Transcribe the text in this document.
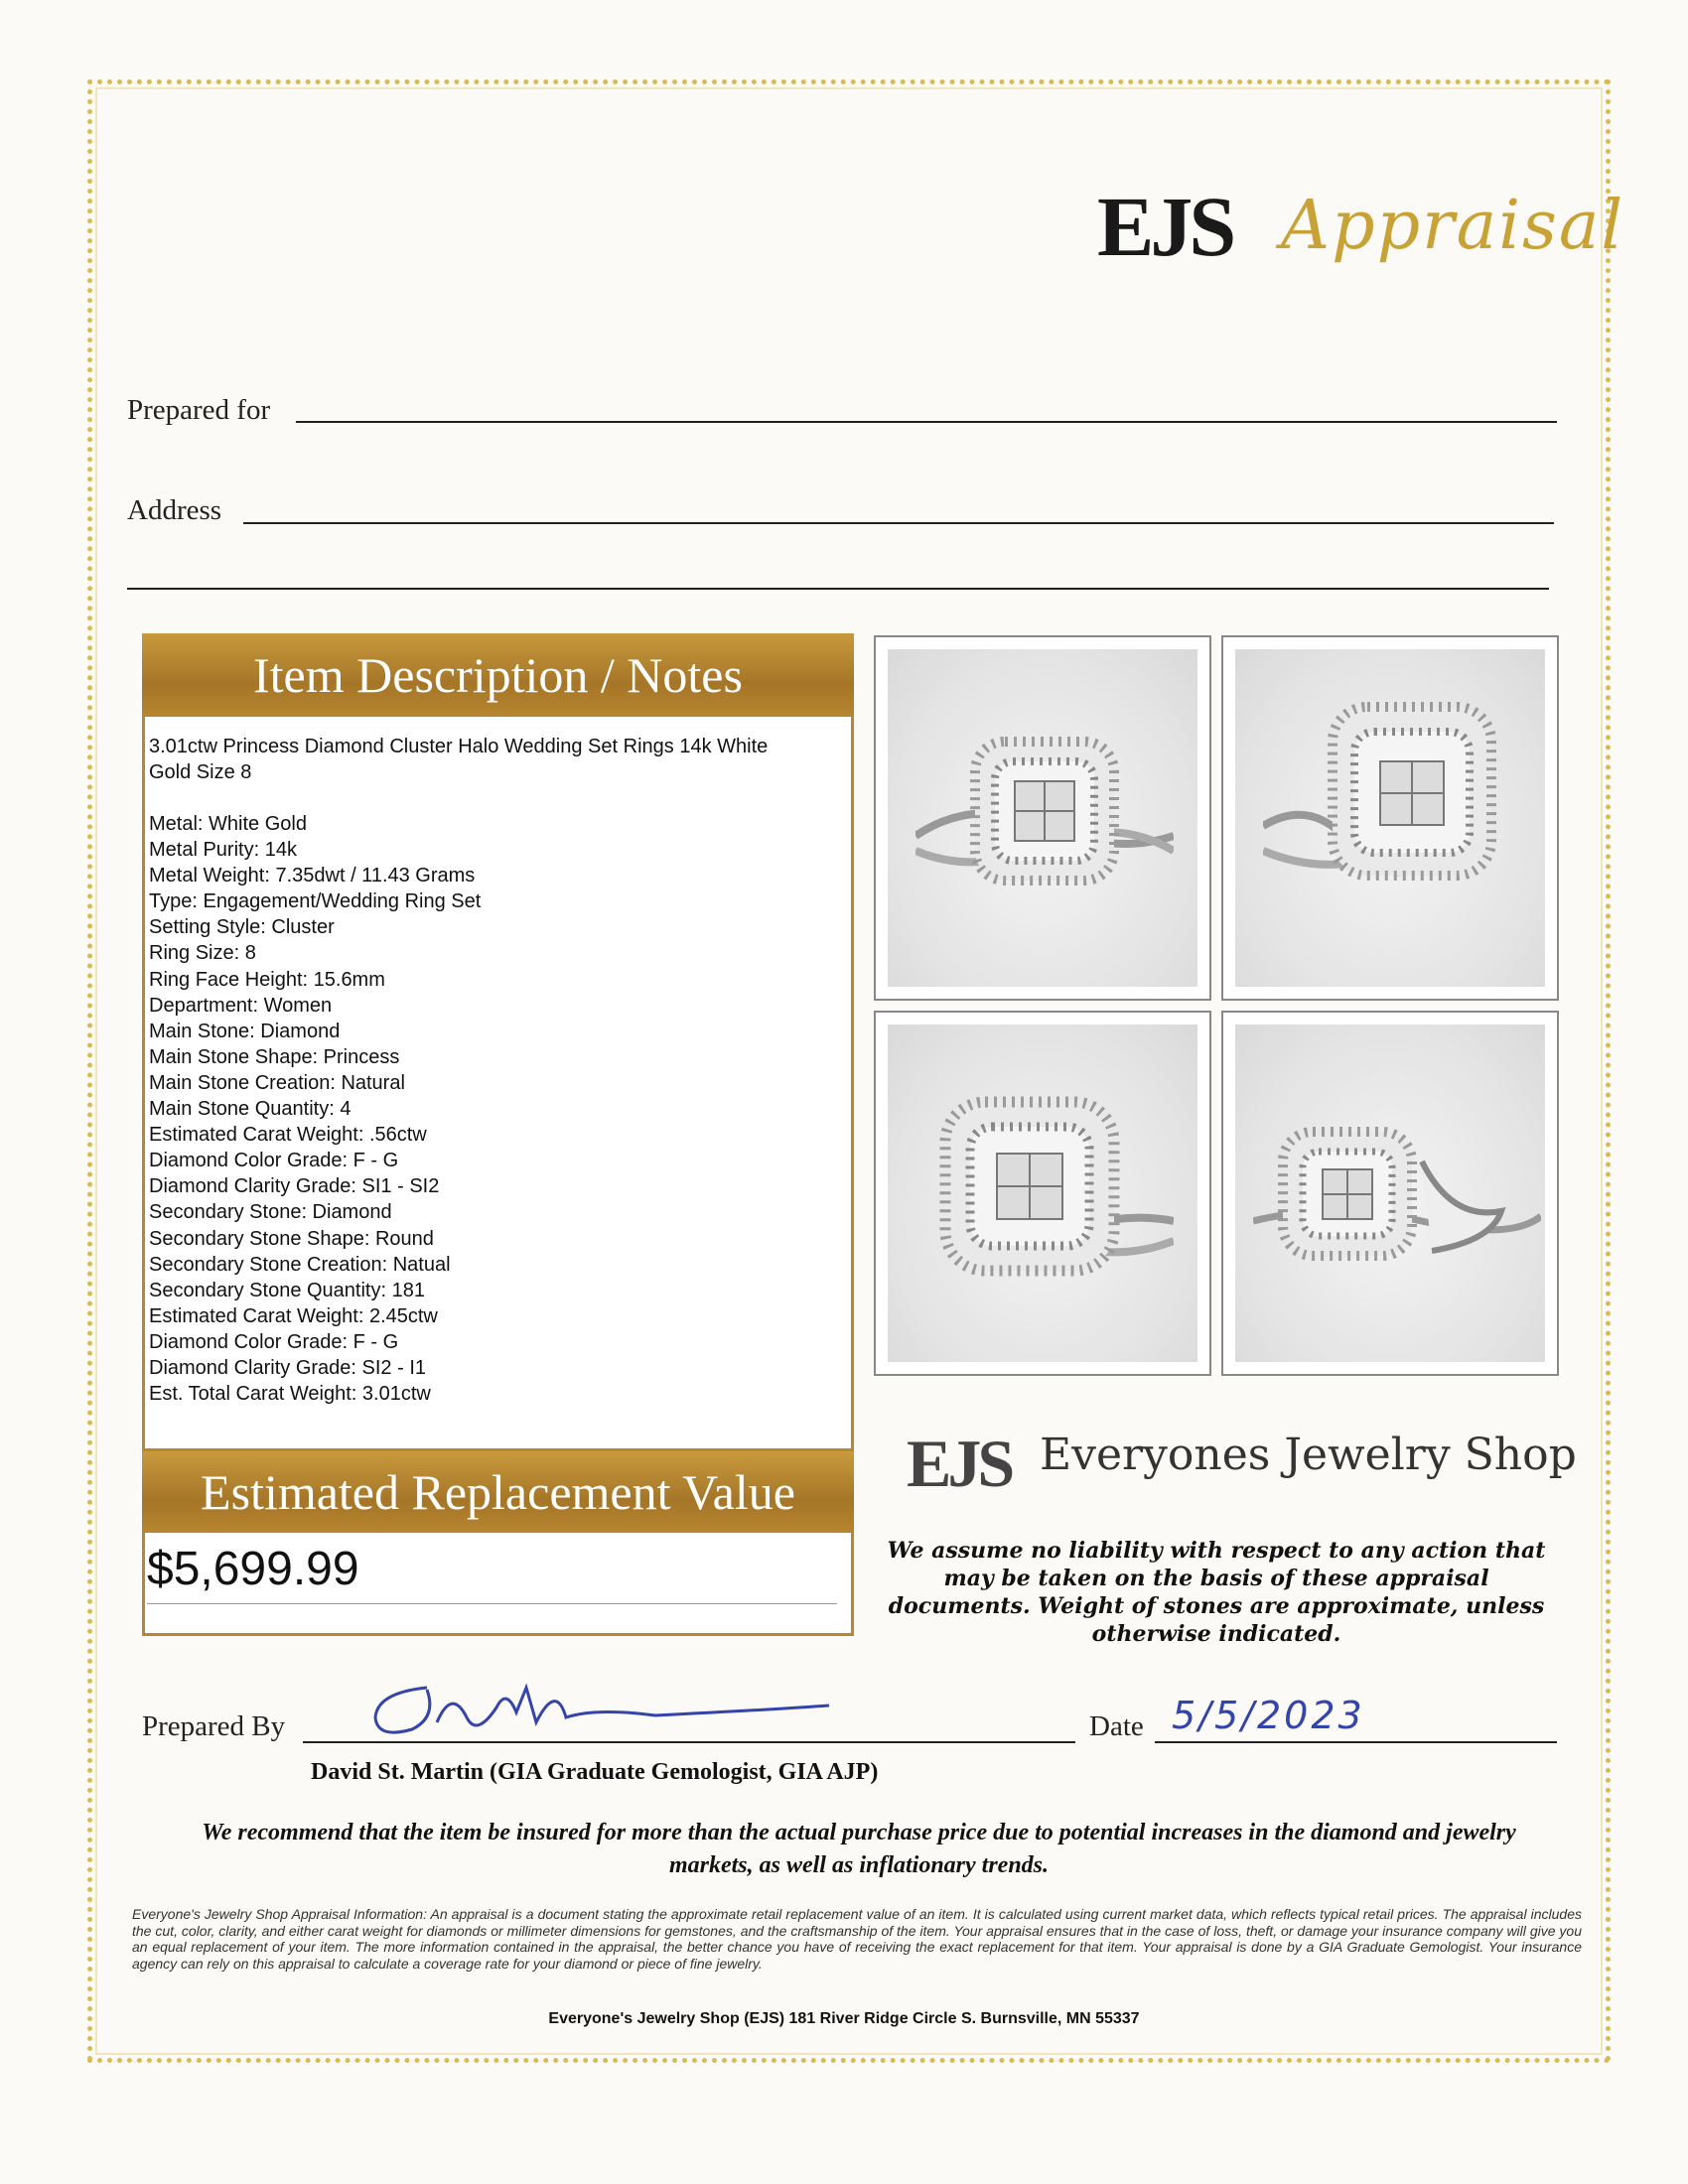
EJS Appraisal
Prepared for
Address
Item Description / Notes
3.01ctw Princess Diamond Cluster Halo Wedding Set Rings 14k White Gold Size 8
Metal: White Gold
Metal Purity: 14k
Metal Weight: 7.35dwt / 11.43 Grams
Type: Engagement/Wedding Ring Set
Setting Style: Cluster
Ring Size: 8
Ring Face Height: 15.6mm
Department: Women
Main Stone: Diamond
Main Stone Shape: Princess
Main Stone Creation: Natural
Main Stone Quantity: 4
Estimated Carat Weight: .56ctw
Diamond Color Grade: F - G
Diamond Clarity Grade: SI1 - SI2
Secondary Stone: Diamond
Secondary Stone Shape: Round
Secondary Stone Creation: Natual
Secondary Stone Quantity: 181
Estimated Carat Weight: 2.45ctw
Diamond Color Grade: F - G
Diamond Clarity Grade: SI2 - I1
Est. Total Carat Weight: 3.01ctw
Estimated Replacement Value
$5,699.99
EJS Everyones Jewelry Shop
We assume no liability with respect to any action that may be taken on the basis of these appraisal documents. Weight of stones are approximate, unless otherwise indicated.
Prepared By	Date 5/5/2023
David St. Martin (GIA Graduate Gemologist, GIA AJP)
We recommend that the item be insured for more than the actual purchase price due to potential increases in the diamond and jewelry markets, as well as inflationary trends.
Everyone's Jewelry Shop Appraisal Information: An appraisal is a document stating the approximate retail replacement value of an item. It is calculated using current market data, which reflects typical retail prices. The appraisal includes the cut, color, clarity, and either carat weight for diamonds or millimeter dimensions for gemstones, and the craftsmanship of the item. Your appraisal ensures that in the case of loss, theft, or damage your insurance company will give you an equal replacement of your item. The more information contained in the appraisal, the better chance you have of receiving the exact replacement for that item. Your appraisal is done by a GIA Graduate Gemologist. Your insurance agency can rely on this appraisal to calculate a coverage rate for your diamond or piece of fine jewelry.
Everyone's Jewelry Shop (EJS) 181 River Ridge Circle S. Burnsville, MN 55337
